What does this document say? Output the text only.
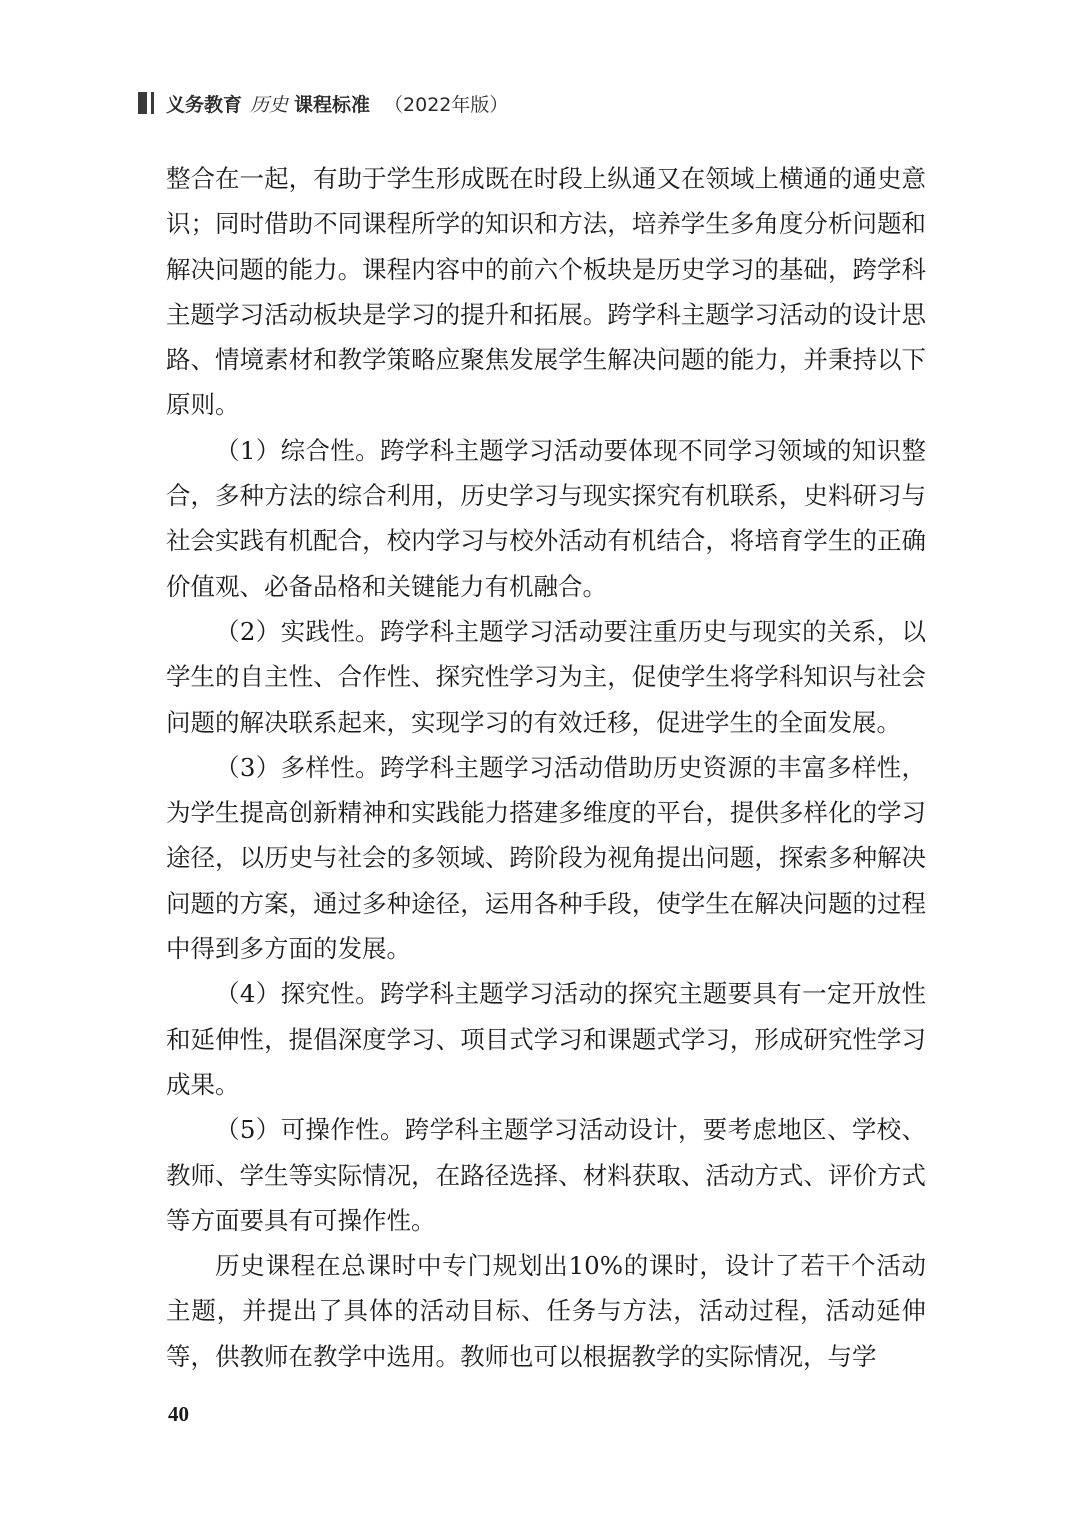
义务教育 历史 课程标准 （2022年版）

整合在一起，有助于学生形成既在时段上纵通又在领域上横通的通史意识；同时借助不同课程所学的知识和方法，培养学生多角度分析问题和解决问题的能力。课程内容中的前六个板块是历史学习的基础，跨学科主题学习活动板块是学习的提升和拓展。跨学科主题学习活动的设计思路、情境素材和教学策略应聚焦发展学生解决问题的能力，并秉持以下原则。

（1）综合性。跨学科主题学习活动要体现不同学习领域的知识整合，多种方法的综合利用，历史学习与现实探究有机联系，史料研习与社会实践有机配合，校内学习与校外活动有机结合，将培育学生的正确价值观、必备品格和关键能力有机融合。

（2）实践性。跨学科主题学习活动要注重历史与现实的关系，以学生的自主性、合作性、探究性学习为主，促使学生将学科知识与社会问题的解决联系起来，实现学习的有效迁移，促进学生的全面发展。

（3）多样性。跨学科主题学习活动借助历史资源的丰富多样性，为学生提高创新精神和实践能力搭建多维度的平台，提供多样化的学习途径，以历史与社会的多领域、跨阶段为视角提出问题，探索多种解决问题的方案，通过多种途径，运用各种手段，使学生在解决问题的过程中得到多方面的发展。

（4）探究性。跨学科主题学习活动的探究主题要具有一定开放性和延伸性，提倡深度学习、项目式学习和课题式学习，形成研究性学习成果。

（5）可操作性。跨学科主题学习活动设计，要考虑地区、学校、教师、学生等实际情况，在路径选择、材料获取、活动方式、评价方式等方面要具有可操作性。

历史课程在总课时中专门规划出10%的课时，设计了若干个活动主题，并提出了具体的活动目标、任务与方法，活动过程，活动延伸等，供教师在教学中选用。教师也可以根据教学的实际情况，与学

40
